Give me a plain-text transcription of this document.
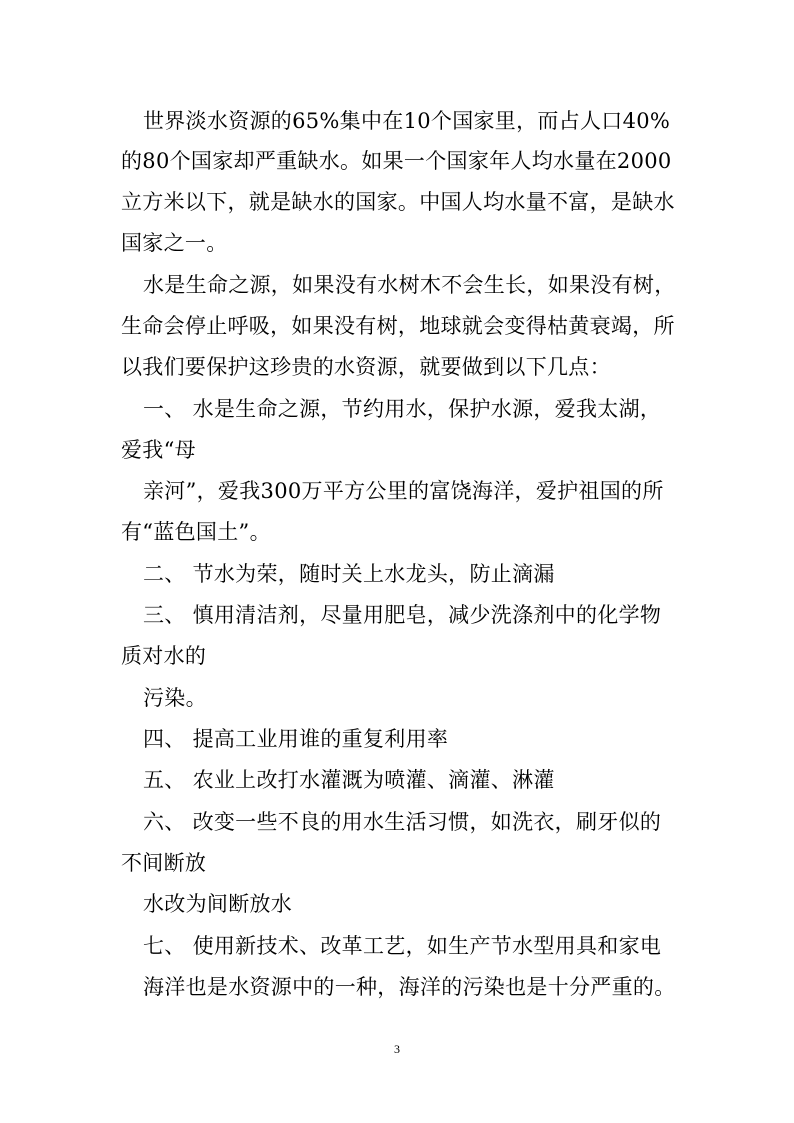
世界淡水资源的65%集中在10个国家里，而占人口40%
的80个国家却严重缺水。如果一个国家年人均水量在2000
立方米以下，就是缺水的国家。中国人均水量不富，是缺水
国家之一。
水是生命之源，如果没有水树木不会生长，如果没有树，
生命会停止呼吸，如果没有树，地球就会变得枯黄衰竭，所
以我们要保护这珍贵的水资源，就要做到以下几点：
一、 水是生命之源，节约用水，保护水源，爱我太湖，
爱我“母
亲河”，爱我300万平方公里的富饶海洋，爱护祖国的所
有“蓝色国土”。
二、 节水为荣，随时关上水龙头，防止滴漏
三、 慎用清洁剂，尽量用肥皂，减少洗涤剂中的化学物
质对水的
污染。
四、 提高工业用谁的重复利用率
五、 农业上改打水灌溉为喷灌、滴灌、淋灌
六、 改变一些不良的用水生活习惯，如洗衣，刷牙似的
不间断放
水改为间断放水
七、 使用新技术、改革工艺，如生产节水型用具和家电
海洋也是水资源中的一种，海洋的污染也是十分严重的。
3
